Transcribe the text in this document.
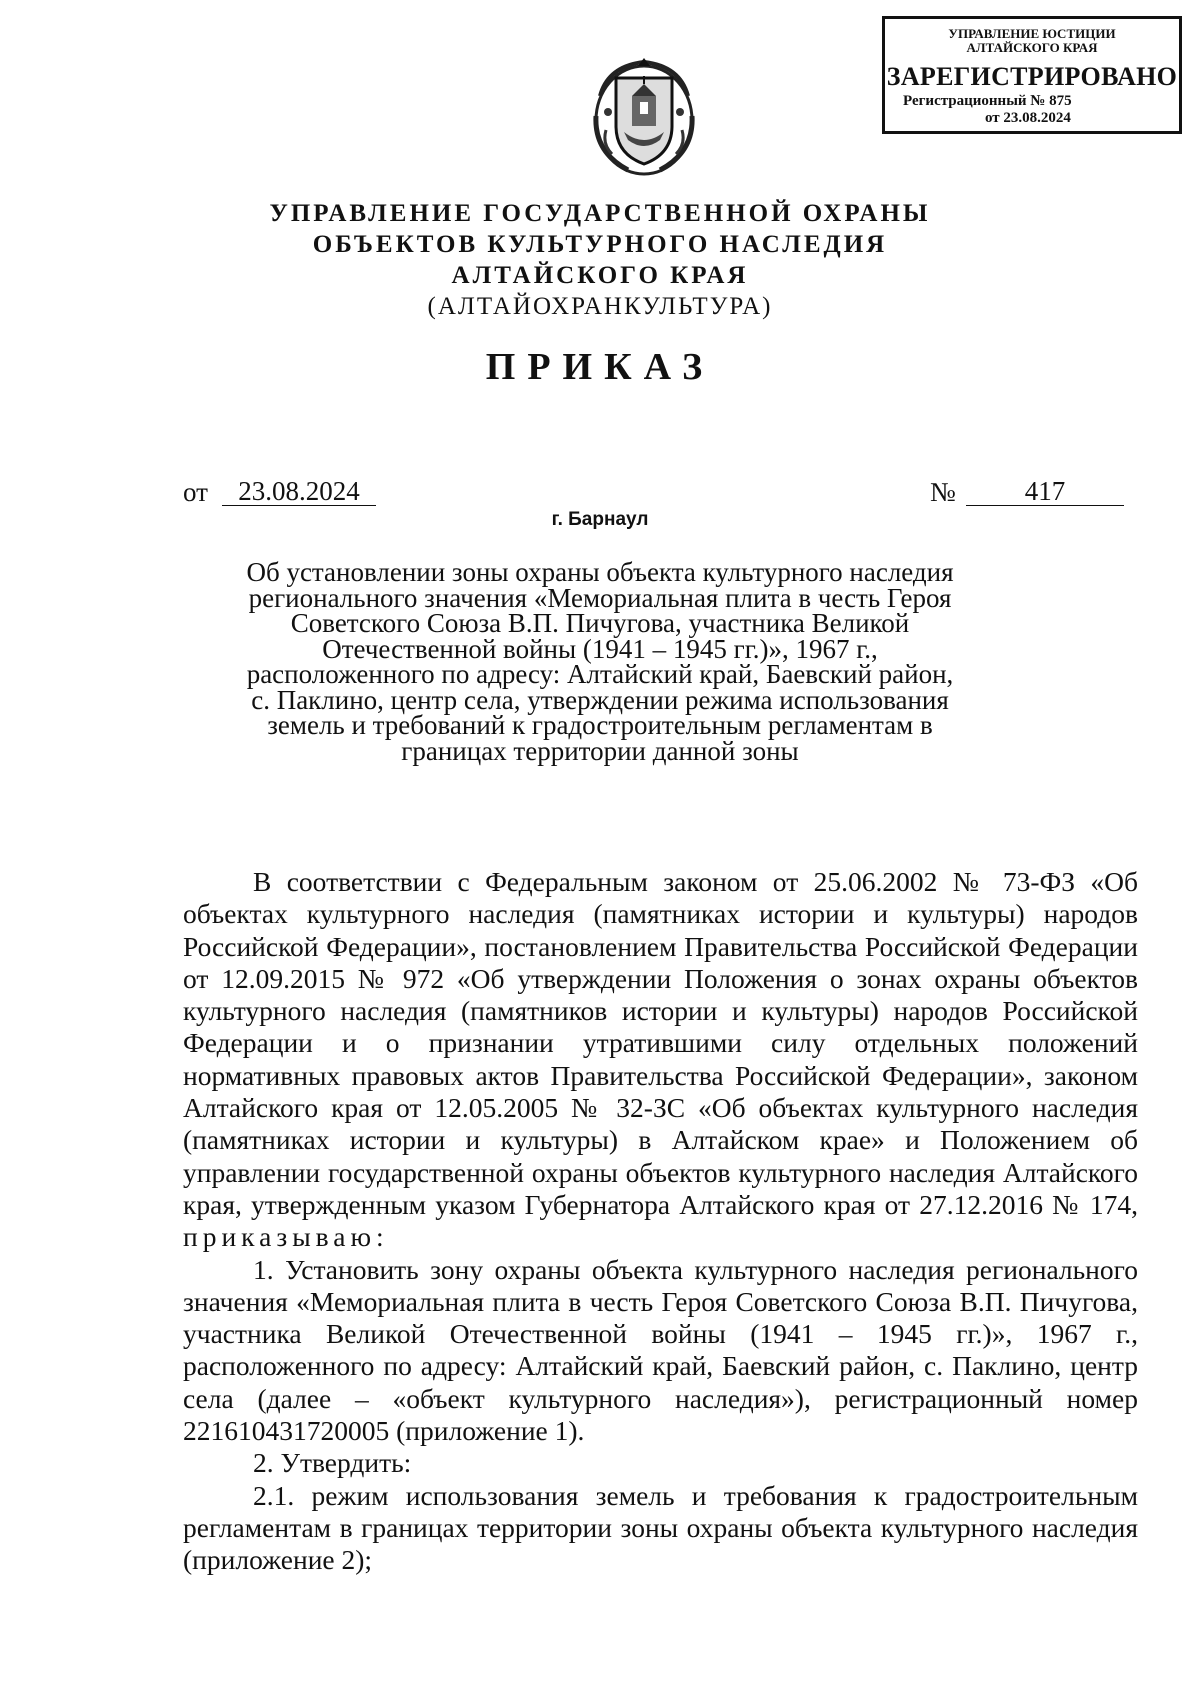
УПРАВЛЕНИЕ ЮСТИЦИИ
АЛТАЙСКОГО КРАЯ
ЗАРЕГИСТРИРОВАНО
Регистрационный № 875
от 23.08.2024
УПРАВЛЕНИЕ ГОСУДАРСТВЕННОЙ ОХРАНЫ
ОБЪЕКТОВ КУЛЬТУРНОГО НАСЛЕДИЯ
АЛТАЙСКОГО КРАЯ
(АЛТАЙОХРАНКУЛЬТУРА)
ПРИКАЗ
от	23.08.2024	№	417
г. Барнаул
Об установлении зоны охраны объекта культурного наследия
регионального значения «Мемориальная плита в честь Героя
Советского Союза В.П. Пичугова, участника Великой
Отечественной войны (1941 – 1945 гг.)», 1967 г.,
расположенного по адресу: Алтайский край, Баевский район,
с. Паклино, центр села, утверждении режима использования
земель и требований к градостроительным регламентам в
границах территории данной зоны

В соответствии с Федеральным законом от 25.06.2002 № 73-ФЗ «Об объектах культурного наследия (памятниках истории и культуры) народов Российской Федерации», постановлением Правительства Российской Федерации от 12.09.2015 № 972 «Об утверждении Положения о зонах охраны объектов культурного наследия (памятников истории и культуры) народов Российской Федерации и о признании утратившими силу отдельных положений нормативных правовых актов Правительства Российской Федерации», законом Алтайского края от 12.05.2005 № 32-ЗС «Об объектах культурного наследия (памятниках истории и культуры) в Алтайском крае» и Положением об управлении государственной охраны объектов культурного наследия Алтайского края, утвержденным указом Губернатора Алтайского края от 27.12.2016 № 174, приказываю:

1. Установить зону охраны объекта культурного наследия регионального значения «Мемориальная плита в честь Героя Советского Союза В.П. Пичугова, участника Великой Отечественной войны (1941 – 1945 гг.)», 1967 г., расположенного по адресу: Алтайский край, Баевский район, с. Паклино, центр села (далее – «объект культурного наследия»), регистрационный номер 221610431720005 (приложение 1).

2. Утвердить:

2.1. режим использования земель и требования к градостроительным регламентам в границах территории зоны охраны объекта культурного наследия (приложение 2);
